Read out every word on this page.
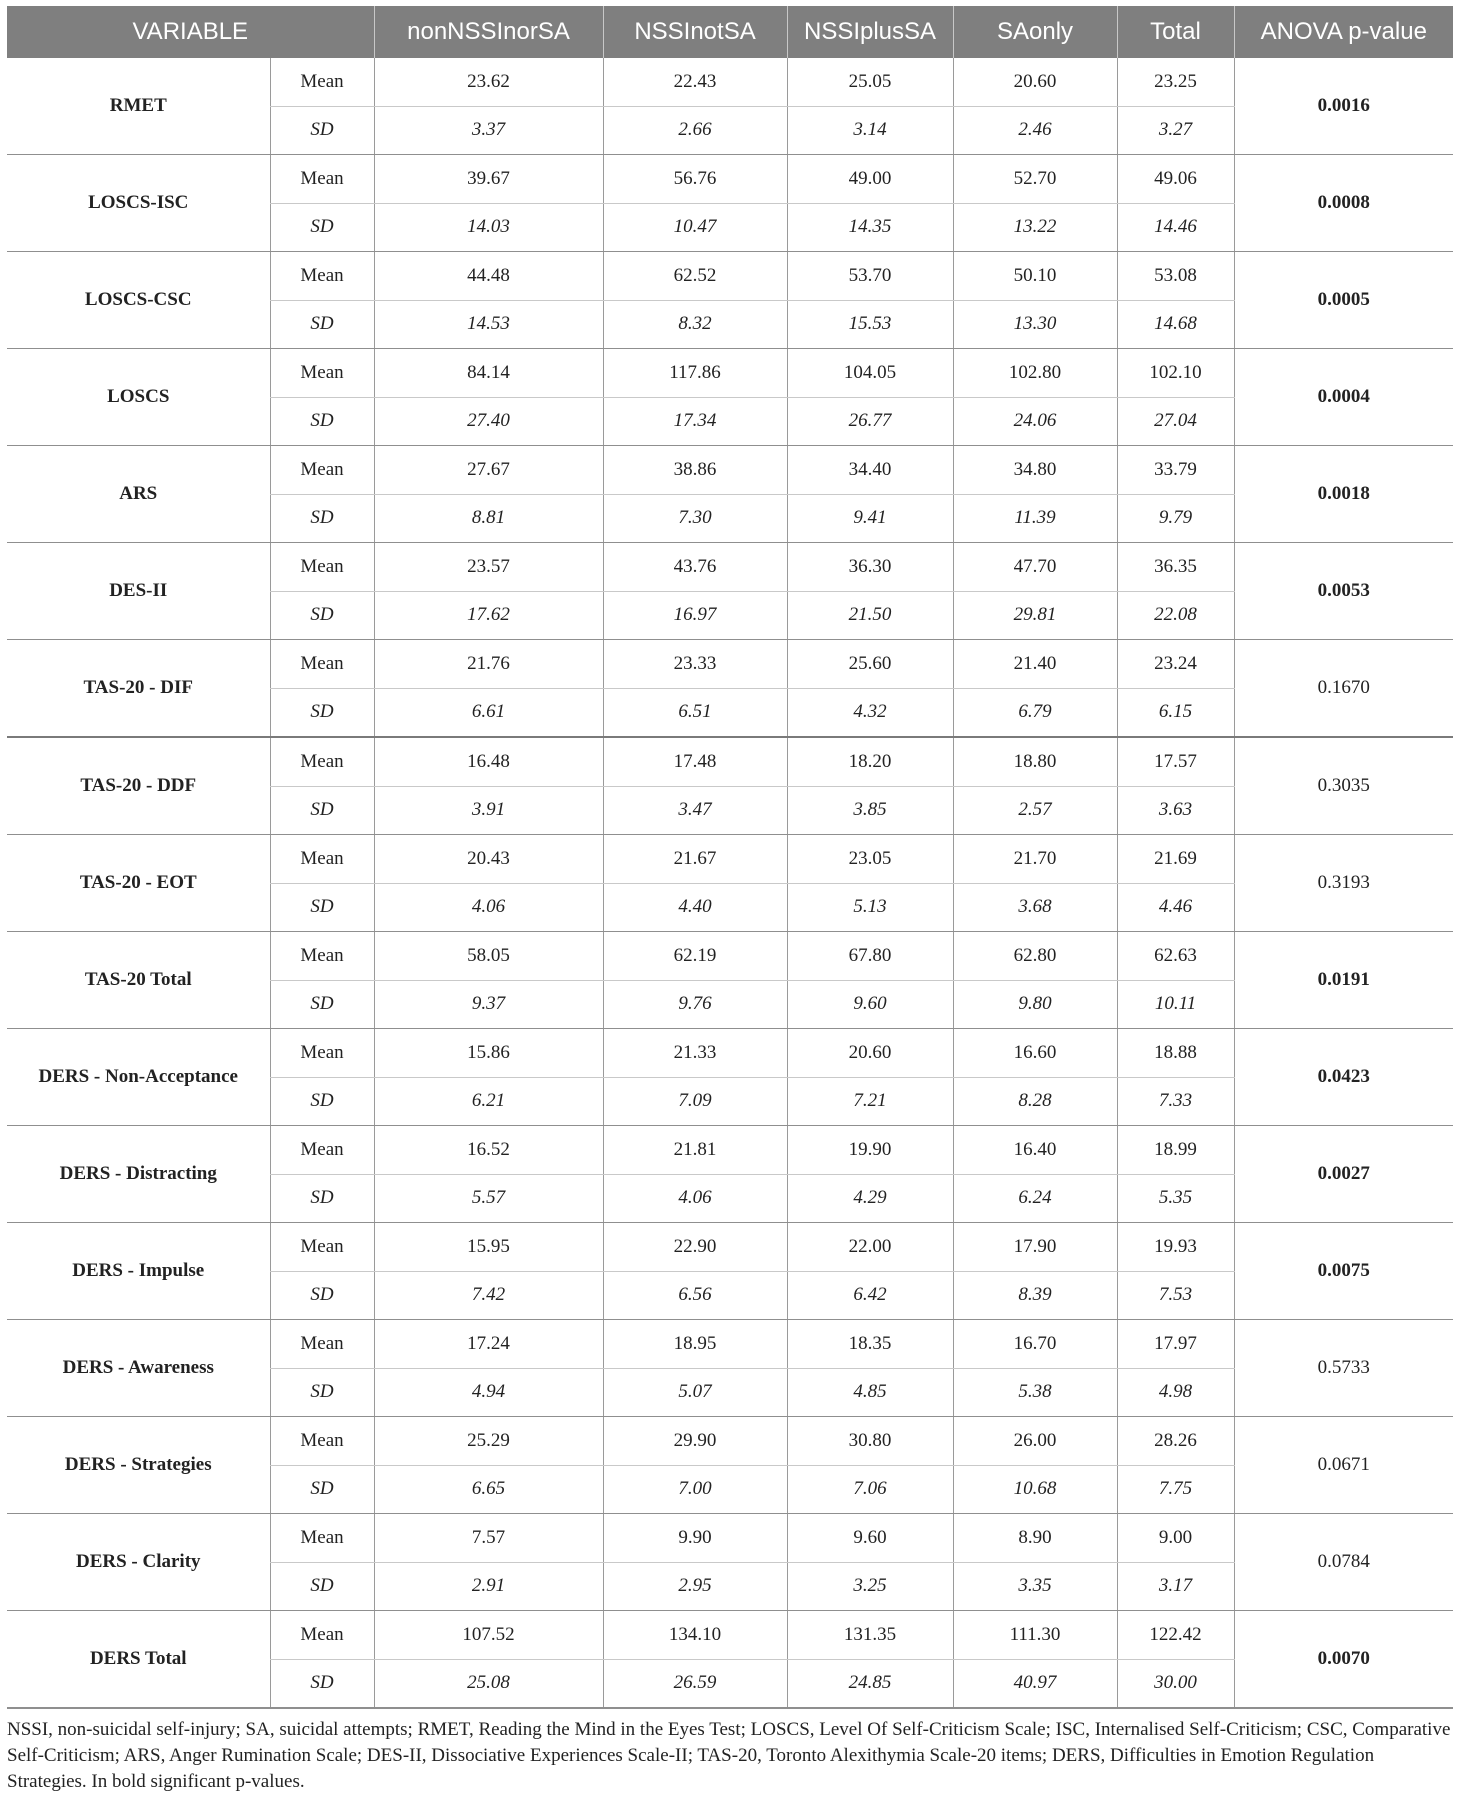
VARIABLE		nonNSSInorSA	NSSInotSA	NSSIplusSA	SAonly	Total	ANOVA p-value
RMET	Mean	23.62	22.43	25.05	20.60	23.25	0.0016
	SD	3.37	2.66	3.14	2.46	3.27	
LOSCS-ISC	Mean	39.67	56.76	49.00	52.70	49.06	0.0008
	SD	14.03	10.47	14.35	13.22	14.46	
LOSCS-CSC	Mean	44.48	62.52	53.70	50.10	53.08	0.0005
	SD	14.53	8.32	15.53	13.30	14.68	
LOSCS	Mean	84.14	117.86	104.05	102.80	102.10	0.0004
	SD	27.40	17.34	26.77	24.06	27.04	
ARS	Mean	27.67	38.86	34.40	34.80	33.79	0.0018
	SD	8.81	7.30	9.41	11.39	9.79	
DES-II	Mean	23.57	43.76	36.30	47.70	36.35	0.0053
	SD	17.62	16.97	21.50	29.81	22.08	
TAS-20 - DIF	Mean	21.76	23.33	25.60	21.40	23.24	0.1670
	SD	6.61	6.51	4.32	6.79	6.15	
TAS-20 - DDF	Mean	16.48	17.48	18.20	18.80	17.57	0.3035
	SD	3.91	3.47	3.85	2.57	3.63	
TAS-20 - EOT	Mean	20.43	21.67	23.05	21.70	21.69	0.3193
	SD	4.06	4.40	5.13	3.68	4.46	
TAS-20 Total	Mean	58.05	62.19	67.80	62.80	62.63	0.0191
	SD	9.37	9.76	9.60	9.80	10.11	
DERS - Non-Acceptance	Mean	15.86	21.33	20.60	16.60	18.88	0.0423
	SD	6.21	7.09	7.21	8.28	7.33	
DERS - Distracting	Mean	16.52	21.81	19.90	16.40	18.99	0.0027
	SD	5.57	4.06	4.29	6.24	5.35	
DERS - Impulse	Mean	15.95	22.90	22.00	17.90	19.93	0.0075
	SD	7.42	6.56	6.42	8.39	7.53	
DERS - Awareness	Mean	17.24	18.95	18.35	16.70	17.97	0.5733
	SD	4.94	5.07	4.85	5.38	4.98	
DERS - Strategies	Mean	25.29	29.90	30.80	26.00	28.26	0.0671
	SD	6.65	7.00	7.06	10.68	7.75	
DERS - Clarity	Mean	7.57	9.90	9.60	8.90	9.00	0.0784
	SD	2.91	2.95	3.25	3.35	3.17	
DERS Total	Mean	107.52	134.10	131.35	111.30	122.42	0.0070
	SD	25.08	26.59	24.85	40.97	30.00	
NSSI, non-suicidal self-injury; SA, suicidal attempts; RMET, Reading the Mind in the Eyes Test; LOSCS, Level Of Self-Criticism Scale; ISC, Internalised Self-Criticism; CSC, Comparative Self-Criticism; ARS, Anger Rumination Scale; DES-II, Dissociative Experiences Scale-II; TAS-20, Toronto Alexithymia Scale-20 items; DERS, Difficulties in Emotion Regulation Strategies. In bold significant p-values.
